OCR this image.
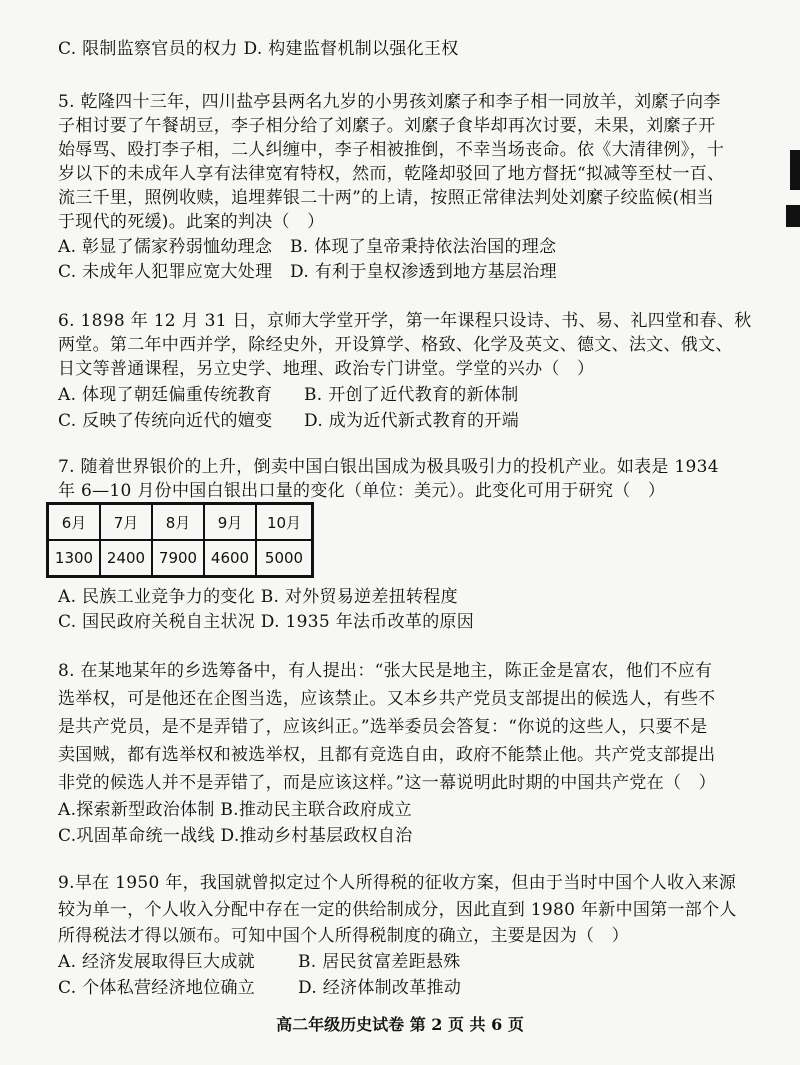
C. 限制监察官员的权力 D. 构建监督机制以强化王权
5. 乾隆四十三年，四川盐亭县两名九岁的小男孩刘縻子和李子相一同放羊，刘縻子向李
子相讨要了午餐胡豆，李子相分给了刘縻子。刘縻子食毕却再次讨要，未果，刘縻子开
始辱骂、殴打李子相，二人纠缠中，李子相被推倒，不幸当场丧命。依《大清律例》，十
岁以下的未成年人享有法律宽宥特权，然而，乾隆却驳回了地方督抚“拟减等至杖一百、
流三千里，照例收赎，追埋葬银二十两”的上请，按照正常律法判处刘縻子绞监候(相当
于现代的死缓)。此案的判决（　）
A. 彰显了儒家矜弱恤幼理念 B. 体现了皇帝秉持依法治国的理念
C. 未成年人犯罪应宽大处理 D. 有利于皇权渗透到地方基层治理
6. 1898 年 12 月 31 日，京师大学堂开学，第一年课程只设诗、书、易、礼四堂和春、秋
两堂。第二年中西并学，除经史外，开设算学、格致、化学及英文、德文、法文、俄文、
日文等普通课程，另立史学、地理、政治专门讲堂。学堂的兴办（　）
A. 体现了朝廷偏重传统教育 B. 开创了近代教育的新体制
C. 反映了传统向近代的嬗变 D. 成为近代新式教育的开端
7. 随着世界银价的上升，倒卖中国白银出国成为极具吸引力的投机产业。如表是 1934
年 6—10 月份中国白银出口量的变化（单位：美元）。此变化可用于研究（　）
6月	7月	8月	9月	10月
1300	2400	7900	4600	5000
A. 民族工业竞争力的变化 B. 对外贸易逆差扭转程度
C. 国民政府关税自主状况 D. 1935 年法币改革的原因
8. 在某地某年的乡选筹备中，有人提出：“张大民是地主，陈正金是富农，他们不应有
选举权，可是他还在企图当选，应该禁止。又本乡共产党员支部提出的候选人，有些不
是共产党员，是不是弄错了，应该纠正。”选举委员会答复：“你说的这些人，只要不是
卖国贼，都有选举权和被选举权，且都有竞选自由，政府不能禁止他。共产党支部提出
非党的候选人并不是弄错了，而是应该这样。”这一幕说明此时期的中国共产党在（　）
A.探索新型政治体制 B.推动民主联合政府成立
C.巩固革命统一战线 D.推动乡村基层政权自治
9.早在 1950 年，我国就曾拟定过个人所得税的征收方案，但由于当时中国个人收入来源
较为单一，个人收入分配中存在一定的供给制成分，因此直到 1980 年新中国第一部个人
所得税法才得以颁布。可知中国个人所得税制度的确立，主要是因为（　）
A. 经济发展取得巨大成就	B. 居民贫富差距悬殊
C. 个体私营经济地位确立	D. 经济体制改革推动
高二年级历史试卷 第 2 页 共 6 页
